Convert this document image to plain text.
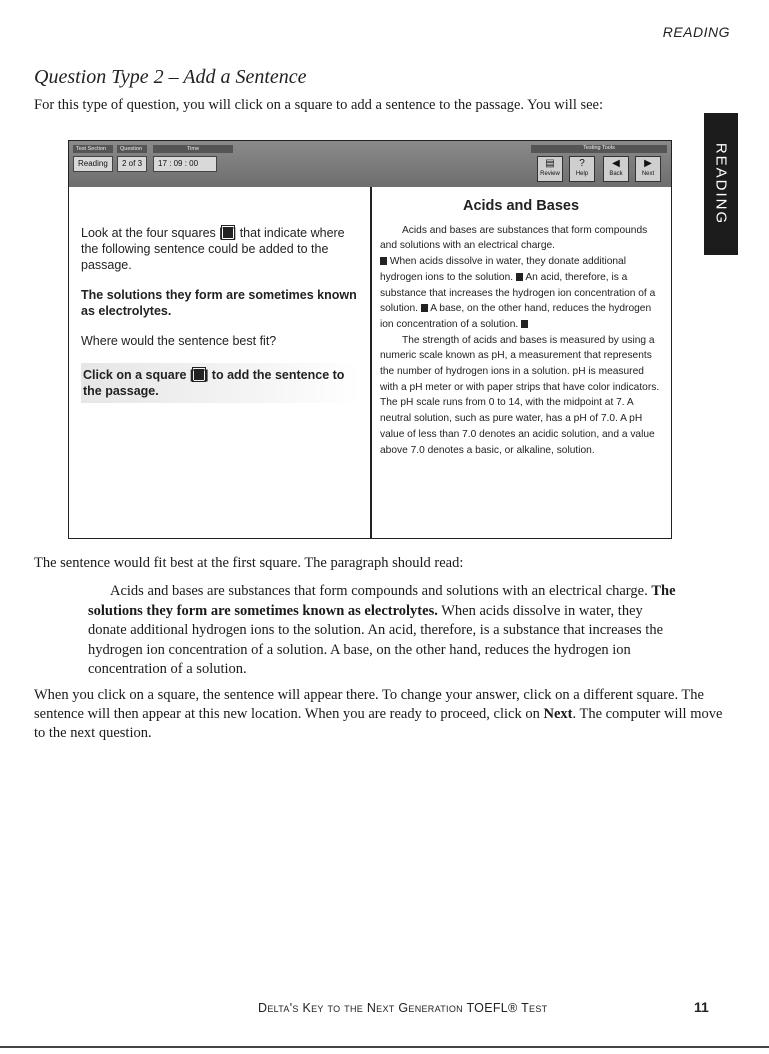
READING
Question Type 2 – Add a Sentence
For this type of question, you will click on a square to add a sentence to the passage. You will see:
READING
Test Section
Reading
Question
2 of 3
Time
17 : 09 : 00
Testing Tools
▤
Review
?
Help
◀
Back
▶
Next

Look at the four squares [ ] that indicate where the following sentence could be added to the passage.

The solutions they form are sometimes known as electrolytes.

Where would the sentence best fit?

Click on a square [ ] to add the sentence to the passage.

Acids and Bases

Acids and bases are substances that form compounds and solutions with an electrical charge.
When acids dissolve in water, they donate additional hydrogen ions to the solution. An acid, therefore, is a substance that increases the hydrogen ion concentration of a solution. A base, on the other hand, reduces the hydrogen ion concentration of a solution.

The strength of acids and bases is measured by using a numeric scale known as pH, a measurement that represents the number of hydrogen ions in a solution. pH is measured with a pH meter or with paper strips that have color indicators. The pH scale runs from 0 to 14, with the midpoint at 7. A neutral solution, such as pure water, has a pH of 7.0. A pH value of less than 7.0 denotes an acidic solution, and a value above 7.0 denotes a basic, or alkaline, solution.

The sentence would fit best at the first square. The paragraph should read:
Acids and bases are substances that form compounds and solutions with an electrical charge. The solutions they form are sometimes known as electrolytes. When acids dissolve in water, they donate additional hydrogen ions to the solution. An acid, therefore, is a substance that increases the hydrogen ion concentration of a solution. A base, on the other hand, reduces the hydrogen ion concentration of a solution.
When you click on a square, the sentence will appear there. To change your answer, click on a different square. The sentence will then appear at this new location. When you are ready to proceed, click on Next. The computer will move to the next question.
Delta's Key to the Next Generation TOEFL® Test	11
